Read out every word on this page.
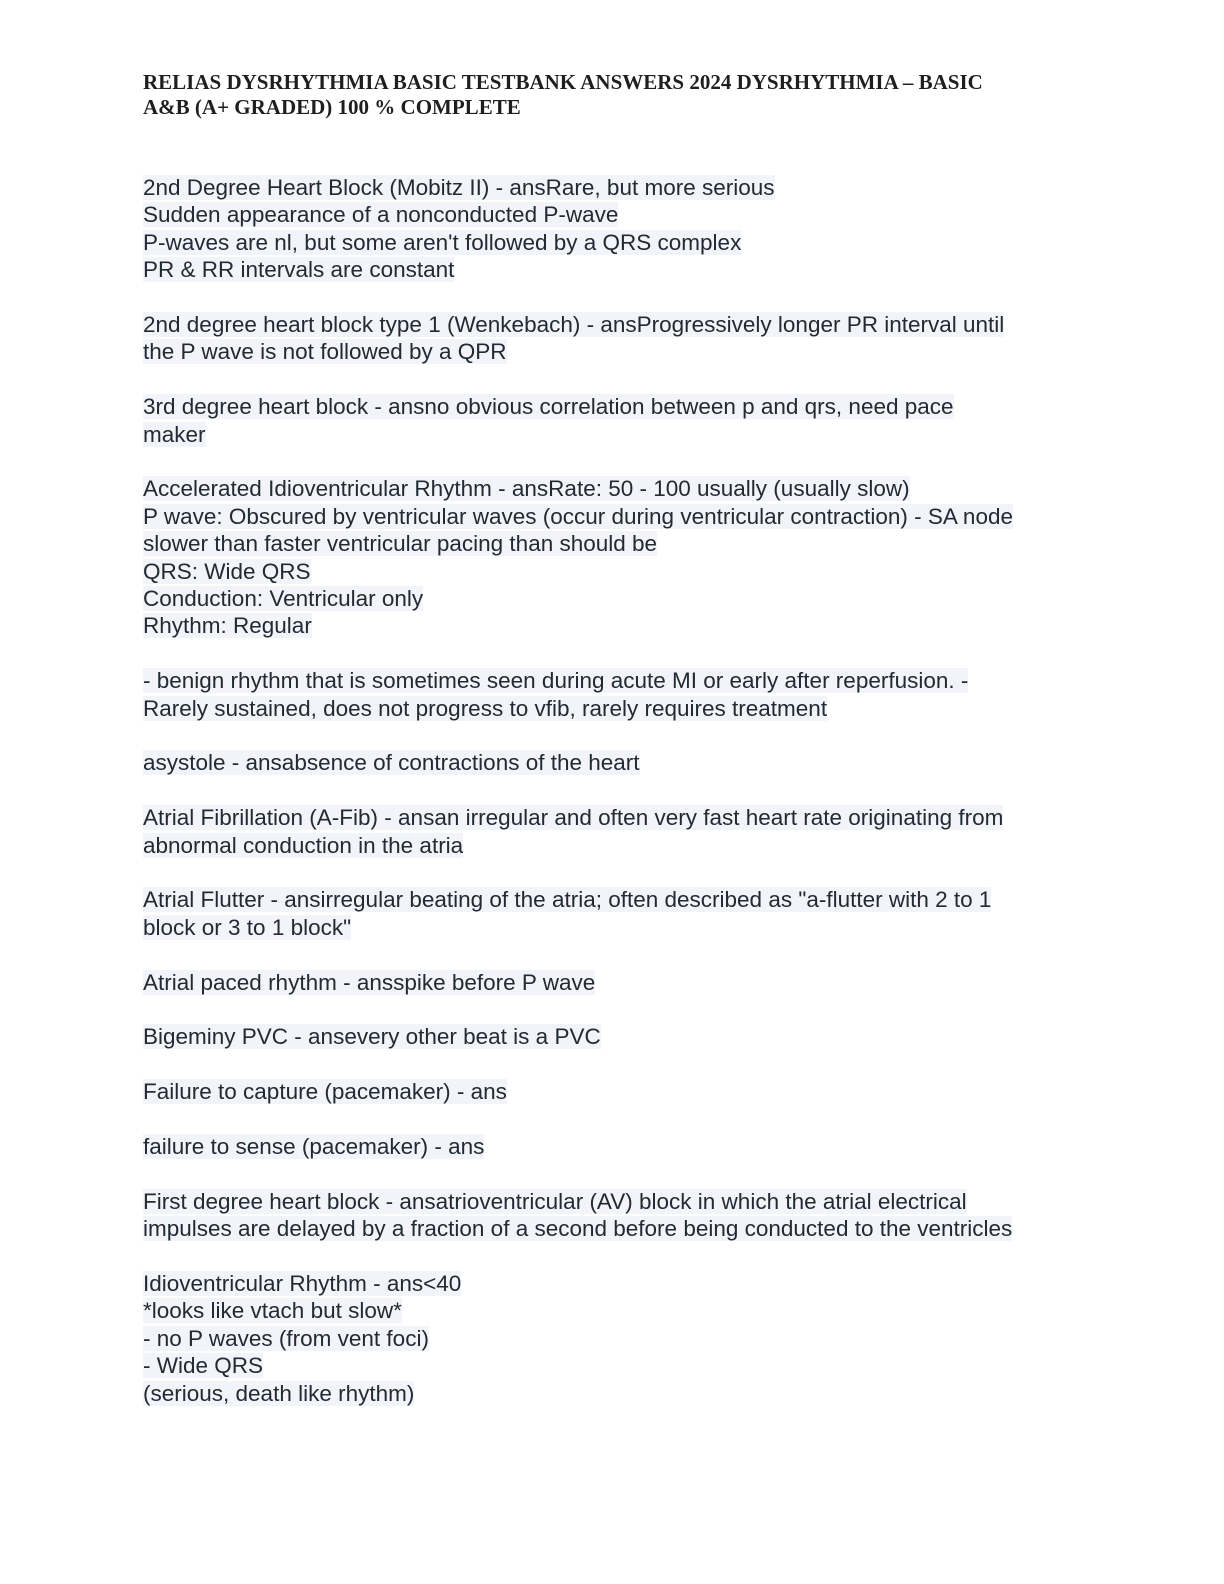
RELIAS DYSRHYTHMIA BASIC TESTBANK ANSWERS 2024 DYSRHYTHMIA – BASIC
A&B (A+ GRADED) 100 % COMPLETE
2nd Degree Heart Block (Mobitz II) - ansRare, but more serious
Sudden appearance of a nonconducted P-wave
P-waves are nl, but some aren't followed by a QRS complex
PR & RR intervals are constant
2nd degree heart block type 1 (Wenkebach) - ansProgressively longer PR interval until
the P wave is not followed by a QPR
3rd degree heart block - ansno obvious correlation between p and qrs, need pace
maker
Accelerated Idioventricular Rhythm - ansRate: 50 - 100 usually (usually slow)
P wave: Obscured by ventricular waves (occur during ventricular contraction) - SA node
slower than faster ventricular pacing than should be
QRS: Wide QRS
Conduction: Ventricular only
Rhythm: Regular
- benign rhythm that is sometimes seen during acute MI or early after reperfusion. -
Rarely sustained, does not progress to vfib, rarely requires treatment
asystole - ansabsence of contractions of the heart
Atrial Fibrillation (A-Fib) - ansan irregular and often very fast heart rate originating from
abnormal conduction in the atria
Atrial Flutter - ansirregular beating of the atria; often described as "a-flutter with 2 to 1
block or 3 to 1 block"
Atrial paced rhythm - ansspike before P wave
Bigeminy PVC - ansevery other beat is a PVC
Failure to capture (pacemaker) - ans
failure to sense (pacemaker) - ans
First degree heart block - ansatrioventricular (AV) block in which the atrial electrical
impulses are delayed by a fraction of a second before being conducted to the ventricles
Idioventricular Rhythm - ans<40
*looks like vtach but slow*
- no P waves (from vent foci)
- Wide QRS
(serious, death like rhythm)
